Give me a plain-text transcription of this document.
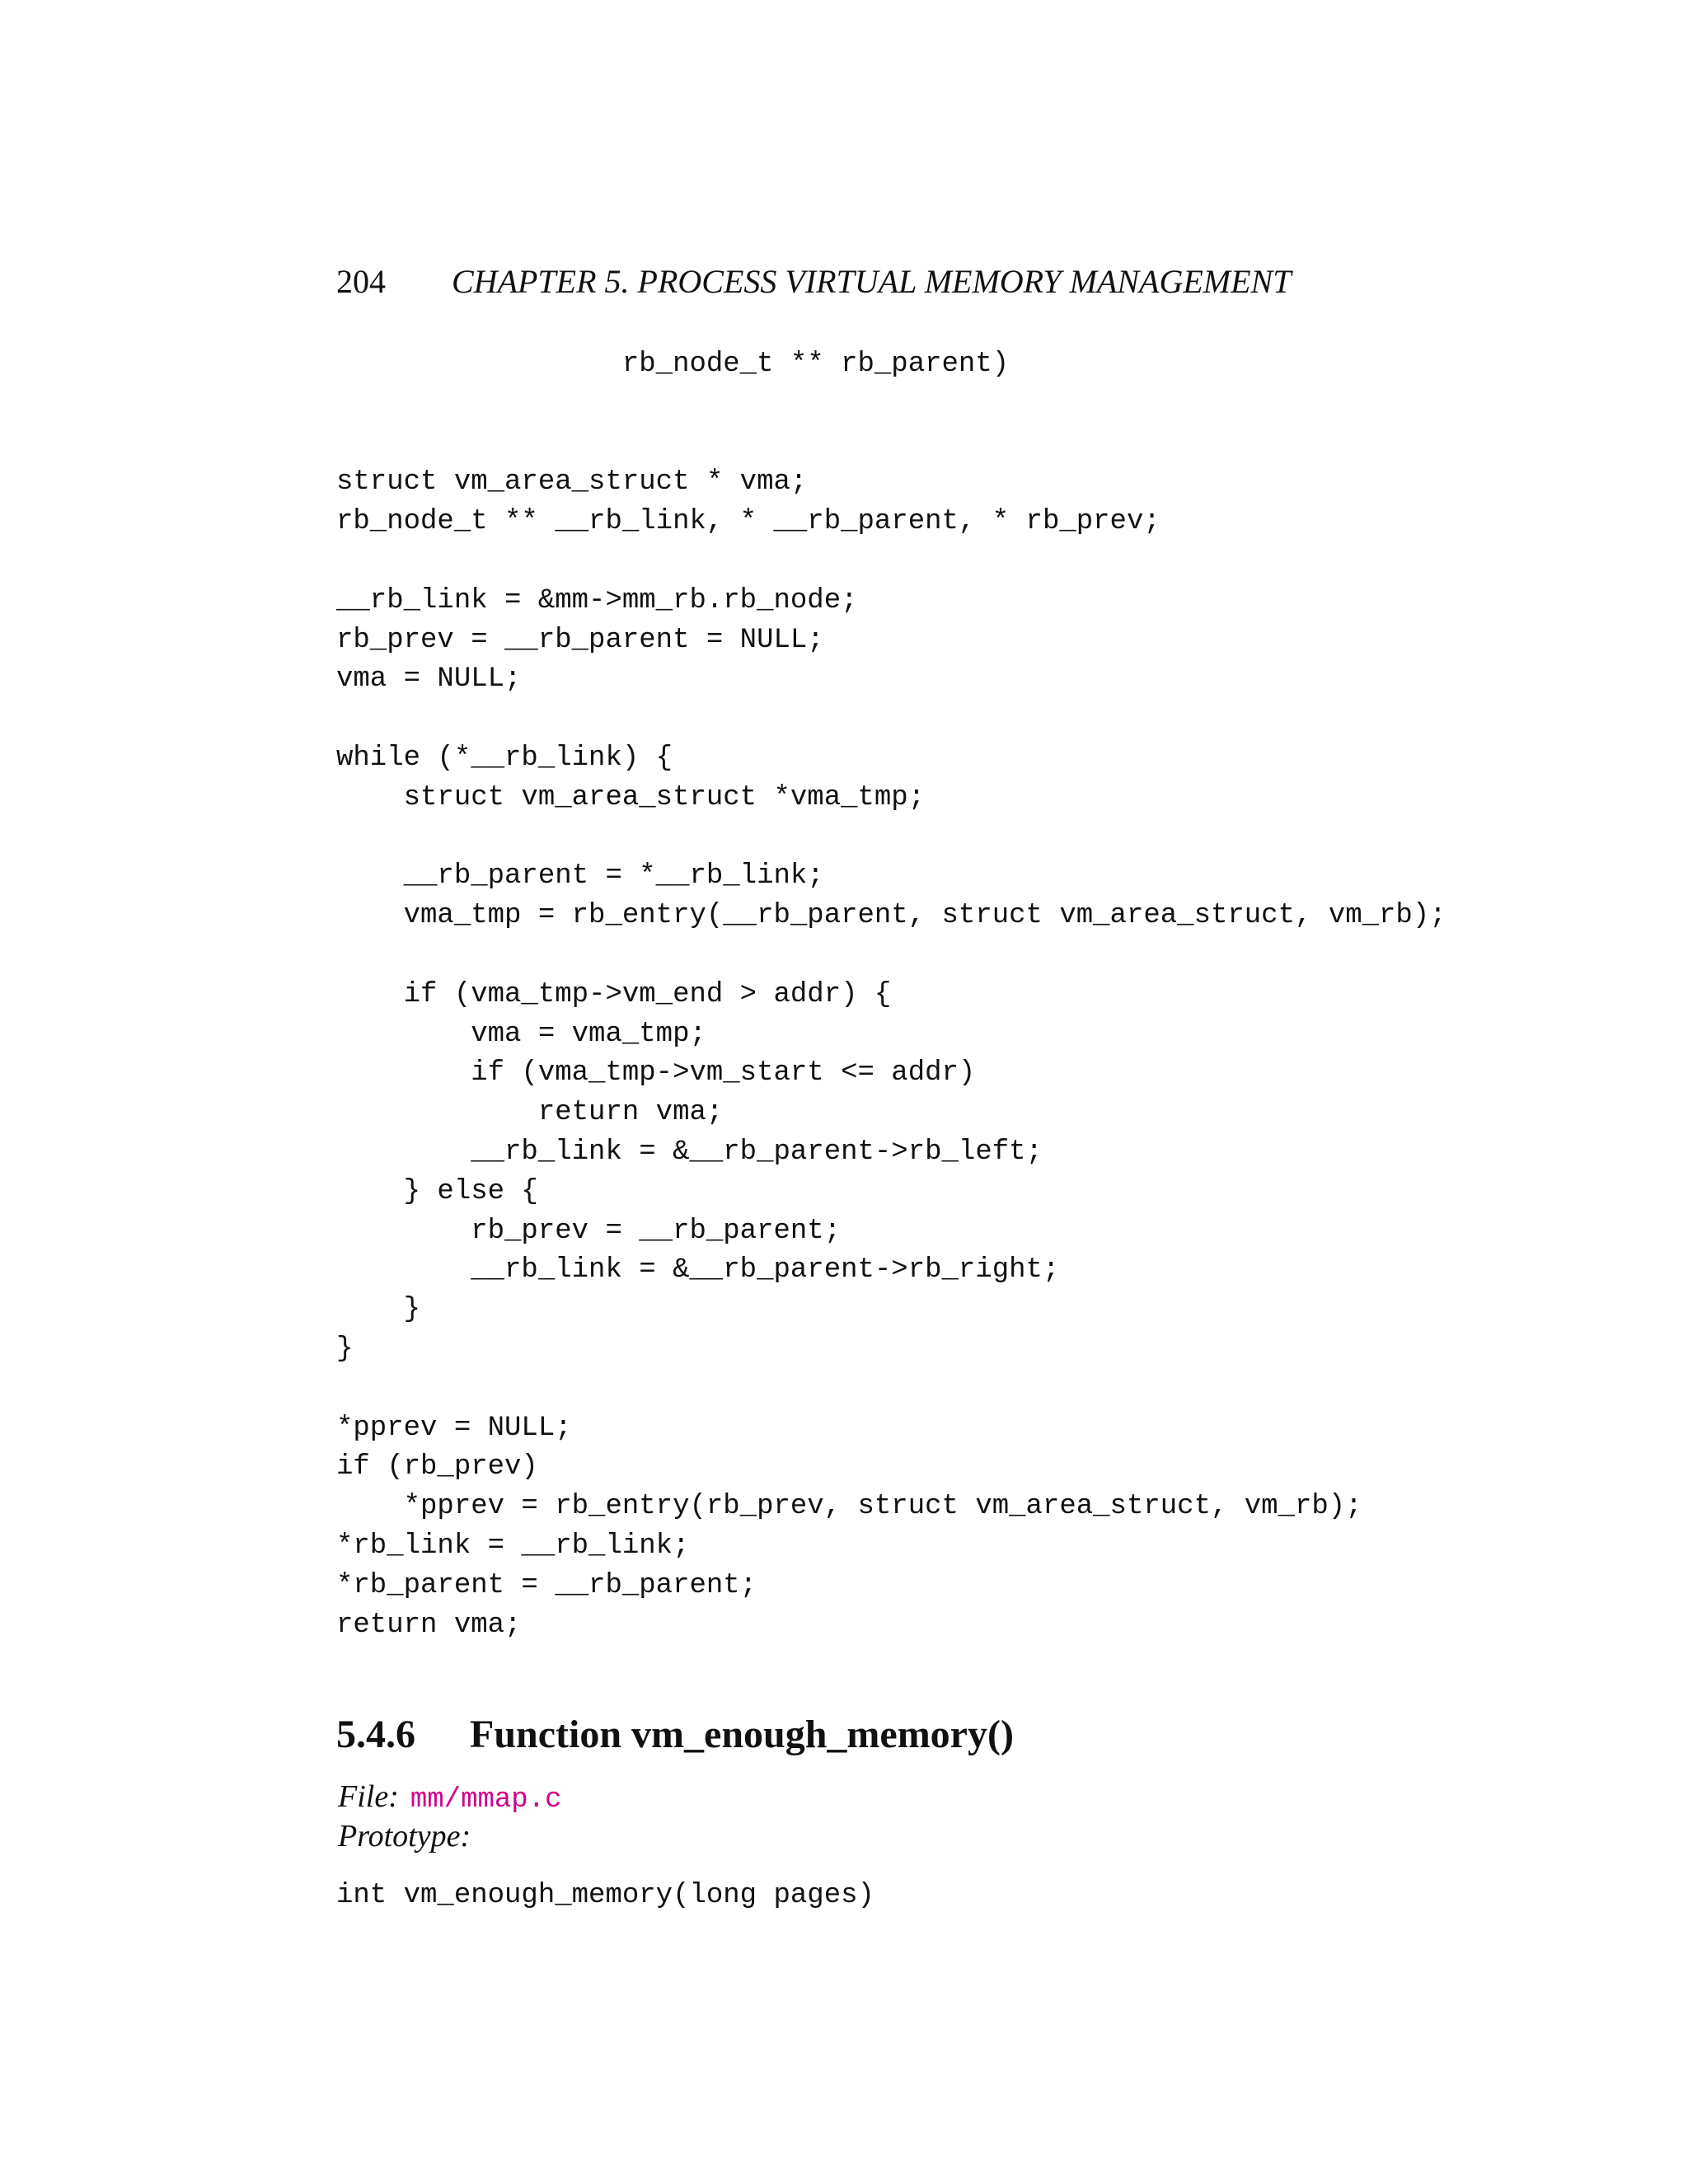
204 CHAPTER 5. PROCESS VIRTUAL MEMORY MANAGEMENT
rb_node_t ** rb_parent)
struct vm_area_struct * vma;
rb_node_t ** __rb_link, * __rb_parent, * rb_prev;
__rb_link = &mm->mm_rb.rb_node;
rb_prev = __rb_parent = NULL;
vma = NULL;
while (*__rb_link) {
struct vm_area_struct *vma_tmp;
__rb_parent = *__rb_link;
vma_tmp = rb_entry(__rb_parent, struct vm_area_struct, vm_rb);
if (vma_tmp->vm_end > addr) {
vma = vma_tmp;
if (vma_tmp->vm_start <= addr)
return vma;
__rb_link = &__rb_parent->rb_left;
} else {
rb_prev = __rb_parent;
__rb_link = &__rb_parent->rb_right;
}
}
*pprev = NULL;
if (rb_prev)
*pprev = rb_entry(rb_prev, struct vm_area_struct, vm_rb);
*rb_link = __rb_link;
*rb_parent = __rb_parent;
return vma;
5.4.6 Function vm_enough_memory()
File: mm/mmap.c
Prototype:
int vm_enough_memory(long pages)
